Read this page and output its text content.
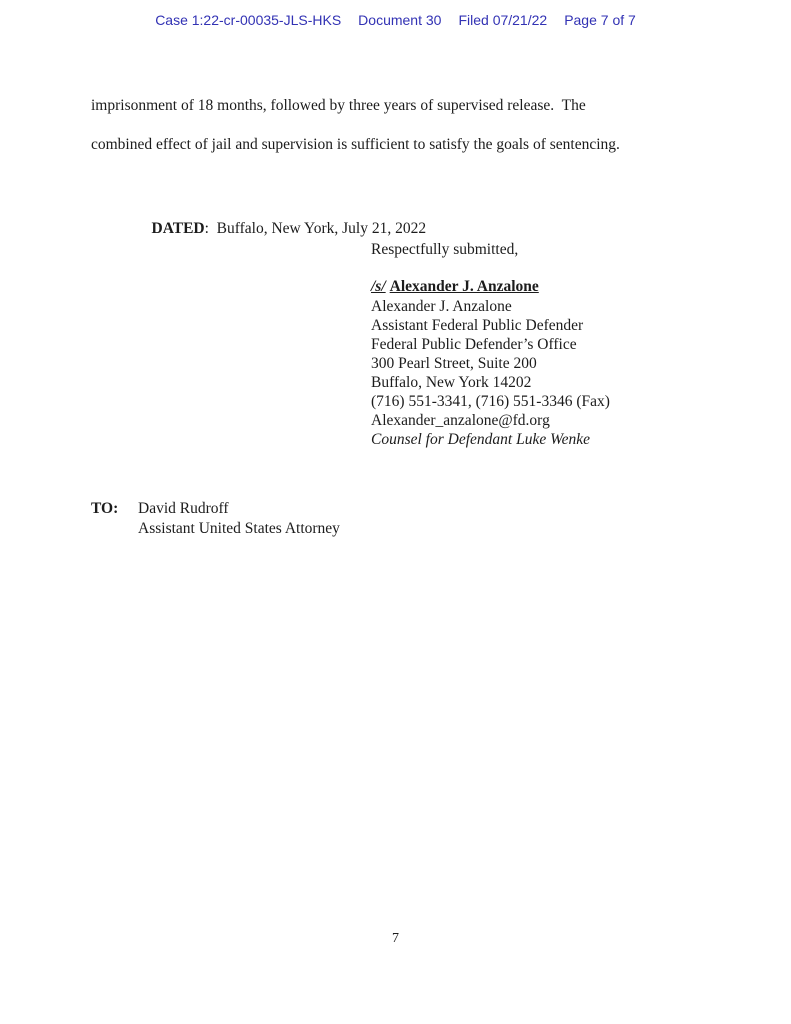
Case 1:22-cr-00035-JLS-HKS Document 30 Filed 07/21/22 Page 7 of 7
imprisonment of 18 months, followed by three years of supervised release.  The
combined effect of jail and supervision is sufficient to satisfy the goals of sentencing.

DATED:  Buffalo, New York, July 21, 2022

Respectfully submitted,
/s/ Alexander J. Anzalone
Alexander J. Anzalone
Assistant Federal Public Defender
Federal Public Defender’s Office
300 Pearl Street, Suite 200
Buffalo, New York 14202
(716) 551-3341, (716) 551-3346 (Fax)
Alexander_anzalone@fd.org
Counsel for Defendant Luke Wenke
TO: David Rudroff
Assistant United States Attorney
7
